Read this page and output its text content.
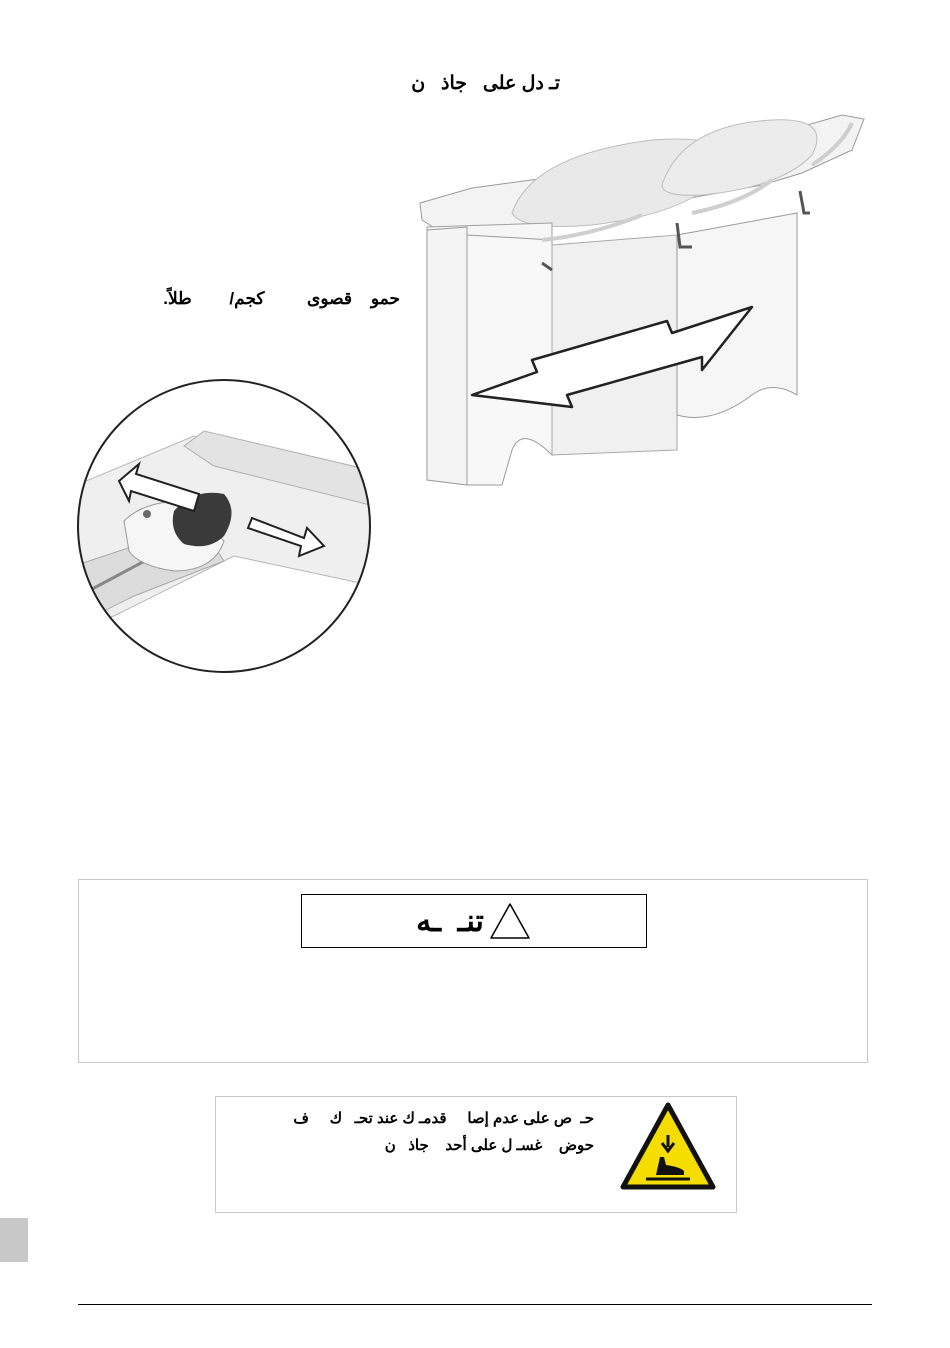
تـ دل على   جاذ   ن
حمو    قصوى         كجم/        طلاً.
تنـ  ـه
حـ  ص على عدم إصا     قدمـ ك عند تحـ   ك     ف
حوض    غسـ ل على أحد    جاذ   ن
